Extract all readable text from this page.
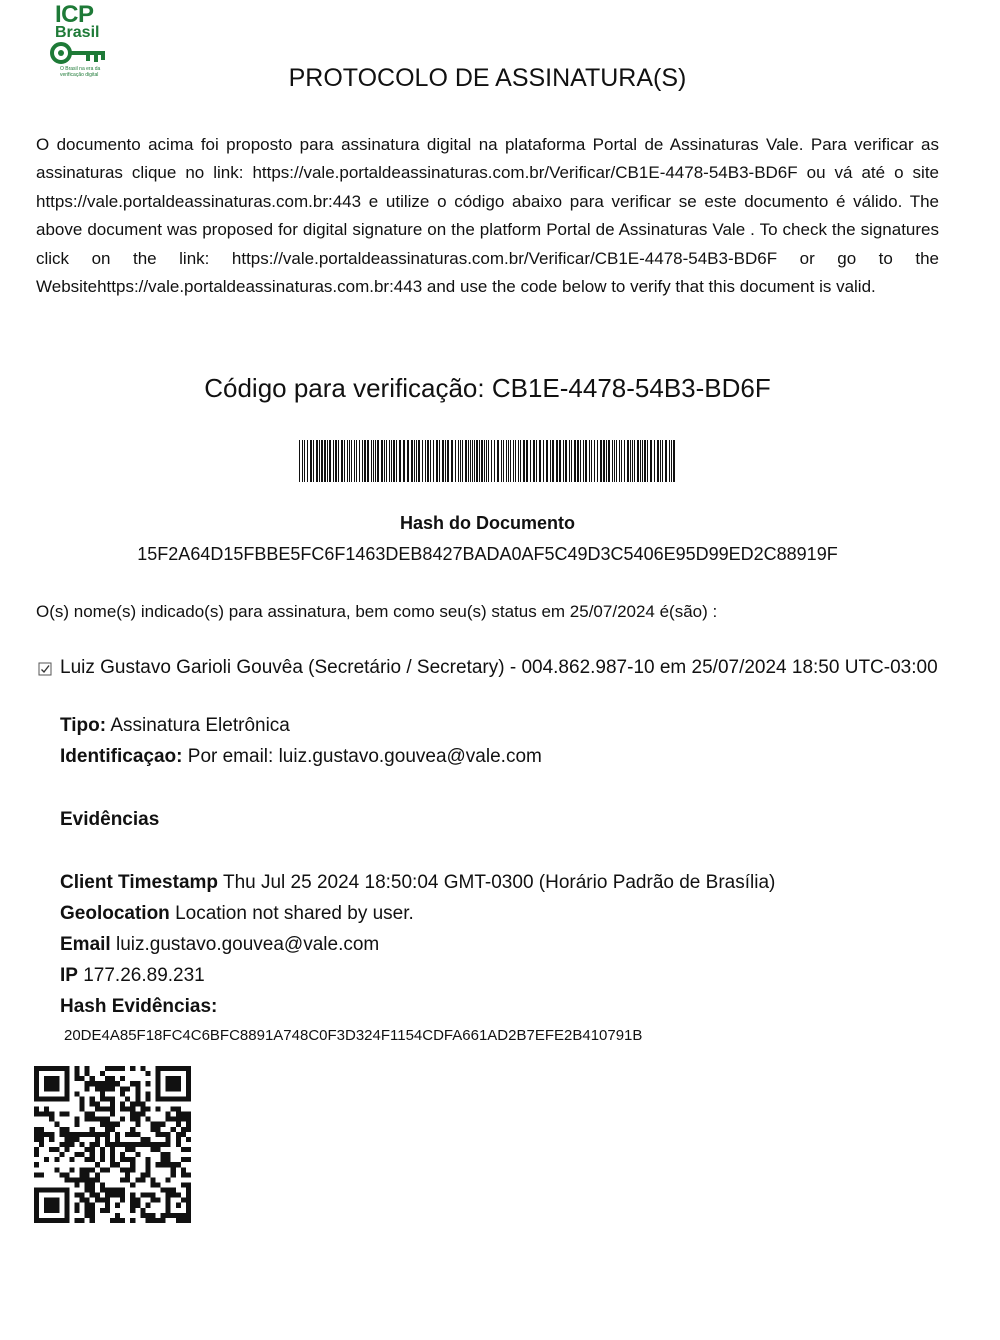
ICP
Brasil
O Brasil na era da verificação digital	PROTOCOLO DE ASSINATURA(S)

O documento acima foi proposto para assinatura digital na plataforma Portal de Assinaturas Vale. Para verificar as assinaturas clique no link: https://vale.portaldeassinaturas.com.br/Verificar/CB1E-4478-54B3-BD6F ou vá até o site https://vale.portaldeassinaturas.com.br:443 e utilize o código abaixo para verificar se este documento é válido. The above document was proposed for digital signature on the platform Portal de Assinaturas Vale . To check the signatures click on the link: https://vale.portaldeassinaturas.com.br/Verificar/CB1E-4478-54B3-BD6F or go to the Websitehttps://vale.portaldeassinaturas.com.br:443 and use the code below to verify that this document is valid.

Código para verificação: CB1E-4478-54B3-BD6F
Hash do Documento
15F2A64D15FBBE5FC6F1463DEB8427BADA0AF5C49D3C5406E95D99ED2C88919F
O(s) nome(s) indicado(s) para assinatura, bem como seu(s) status em 25/07/2024 é(são) :
Luiz Gustavo Garioli Gouvêa (Secretário / Secretary) - 004.862.987-10 em 25/07/2024 18:50 UTC-03:00
Tipo: Assinatura Eletrônica
Identificaçao: Por email: luiz.gustavo.gouvea@vale.com
Evidências
Client Timestamp Thu Jul 25 2024 18:50:04 GMT-0300 (Horário Padrão de Brasília)
Geolocation Location not shared by user.
Email luiz.gustavo.gouvea@vale.com
IP 177.26.89.231
Hash Evidências:
20DE4A85F18FC4C6BFC8891A748C0F3D324F1154CDFA661AD2B7EFE2B410791B
